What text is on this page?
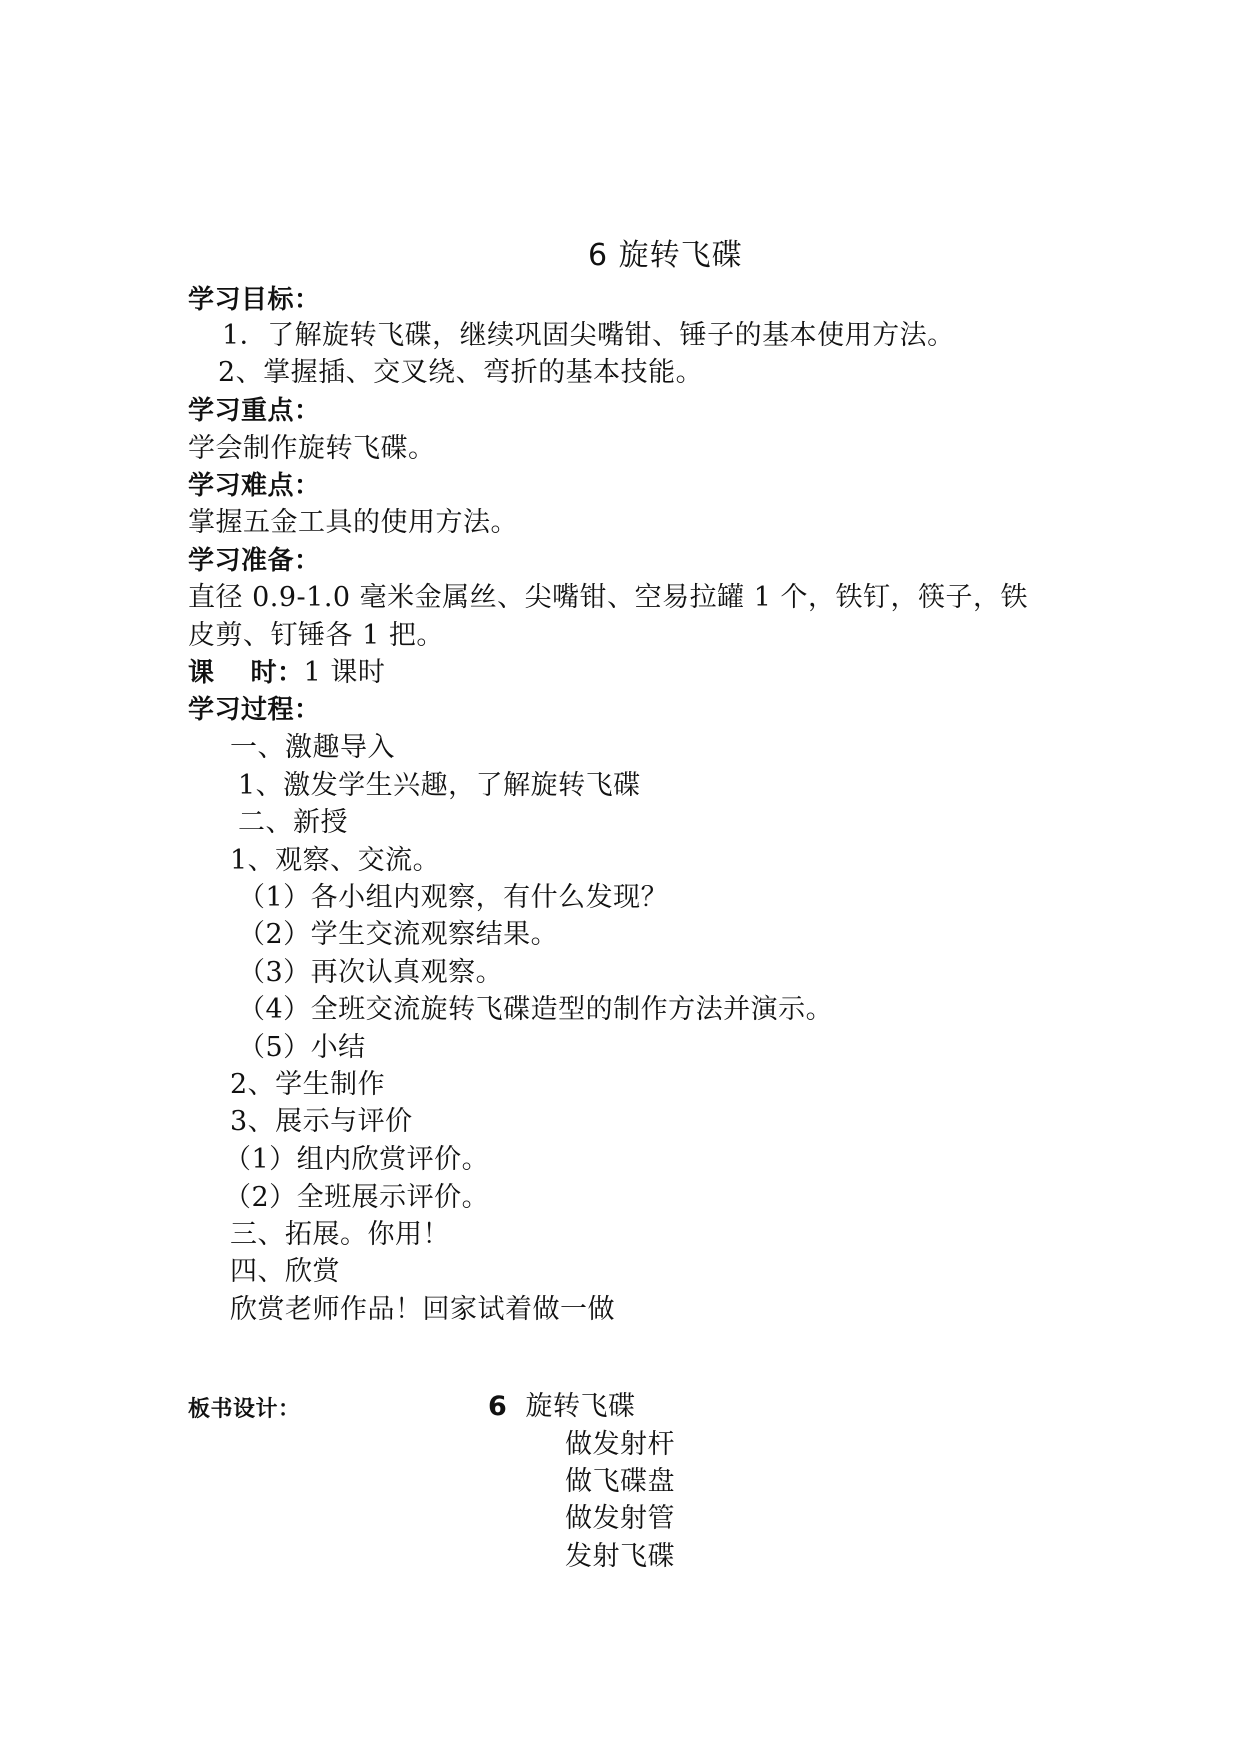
6 旋转飞碟
学习目标：
1．了解旋转飞碟，继续巩固尖嘴钳、锤子的基本使用方法。
2、掌握插、交叉绕、弯折的基本技能。
学习重点：
学会制作旋转飞碟。
学习难点：
掌握五金工具的使用方法。
学习准备：
直径 0.9-1.0 毫米金属丝、尖嘴钳、空易拉罐 1 个，铁钉，筷子，铁
皮剪、钉锤各 1 把。
课　 时：1 课时
学习过程：
一、激趣导入
1、激发学生兴趣，了解旋转飞碟
二、新授
1、观察、交流。
（1）各小组内观察，有什么发现？
（2）学生交流观察结果。
（3）再次认真观察。
（4）全班交流旋转飞碟造型的制作方法并演示。
（5）小结
2、学生制作
3、展示与评价
（1）组内欣赏评价。
（2）全班展示评价。
三、拓展。你用！
四、欣赏
欣赏老师作品！回家试着做一做
板书设计：	6 旋转飞碟
做发射杆
做飞碟盘
做发射管
发射飞碟
